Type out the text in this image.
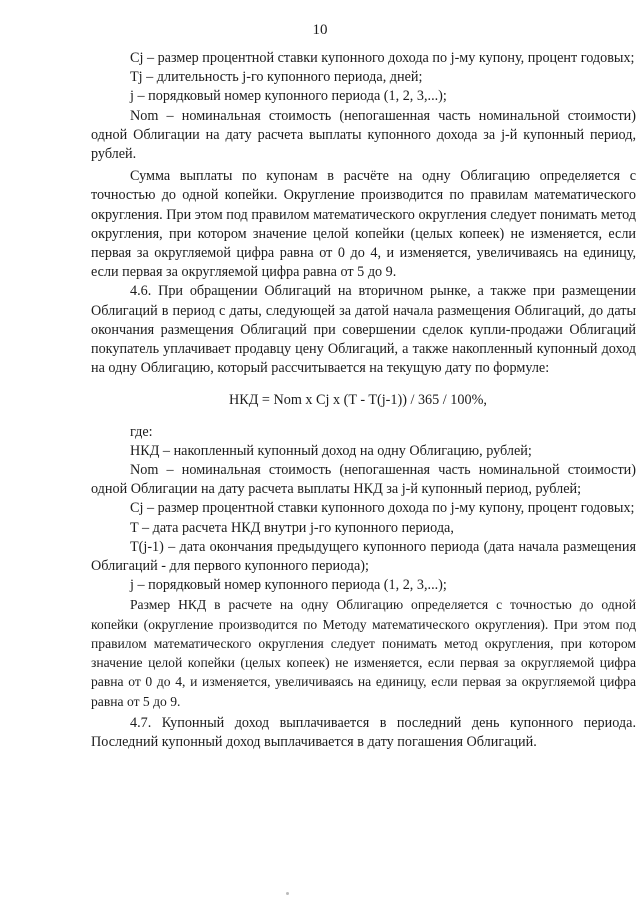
10

Cj – размер процентной ставки купонного дохода по j-му купону, процент годовых;

Tj – длительность j-го купонного периода, дней;

j – порядковый номер купонного периода (1, 2, 3,...);

Nom – номинальная стоимость (непогашенная часть номинальной стоимости) одной Облигации на дату расчета выплаты купонного дохода за j-й купонный период, рублей.

Сумма выплаты по купонам в расчёте на одну Облигацию определяется с точностью до одной копейки. Округление производится по правилам математического округления. При этом под правилом математического округления следует понимать метод округления, при котором значение целой копейки (целых копеек) не изменяется, если первая за округляемой цифра равна от 0 до 4, и изменяется, увеличиваясь на единицу, если первая за округляемой цифра равна от 5 до 9.

4.6. При обращении Облигаций на вторичном рынке, а также при размещении Облигаций в период с даты, следующей за датой начала размещения Облигаций, до даты окончания размещения Облигаций при совершении сделок купли-продажи Облигаций покупатель уплачивает продавцу цену Облигаций, а также накопленный купонный доход на одну Облигацию, который рассчитывается на текущую дату по формуле:

НКД = Nom x Cj x (T - T(j-1)) / 365 / 100%,

где:

НКД – накопленный купонный доход на одну Облигацию, рублей;

Nom – номинальная стоимость (непогашенная часть номинальной стоимости) одной Облигации на дату расчета выплаты НКД за j-й купонный период, рублей;

Cj – размер процентной ставки купонного дохода по j-му купону, процент годовых;

T – дата расчета НКД внутри j-го купонного периода,

T(j-1) – дата окончания предыдущего купонного периода (дата начала размещения Облигаций - для первого купонного периода);

j – порядковый номер купонного периода (1, 2, 3,...);

Размер НКД в расчете на одну Облигацию определяется с точностью до одной копейки (округление производится по Методу математического округления). При этом под правилом математического округления следует понимать метод округления, при котором значение целой копейки (целых копеек) не изменяется, если первая за округляемой цифра равна от 0 до 4, и изменяется, увеличиваясь на единицу, если первая за округляемой цифра равна от 5 до 9.

4.7. Купонный доход выплачивается в последний день купонного периода. Последний купонный доход выплачивается в дату погашения Облигаций.
